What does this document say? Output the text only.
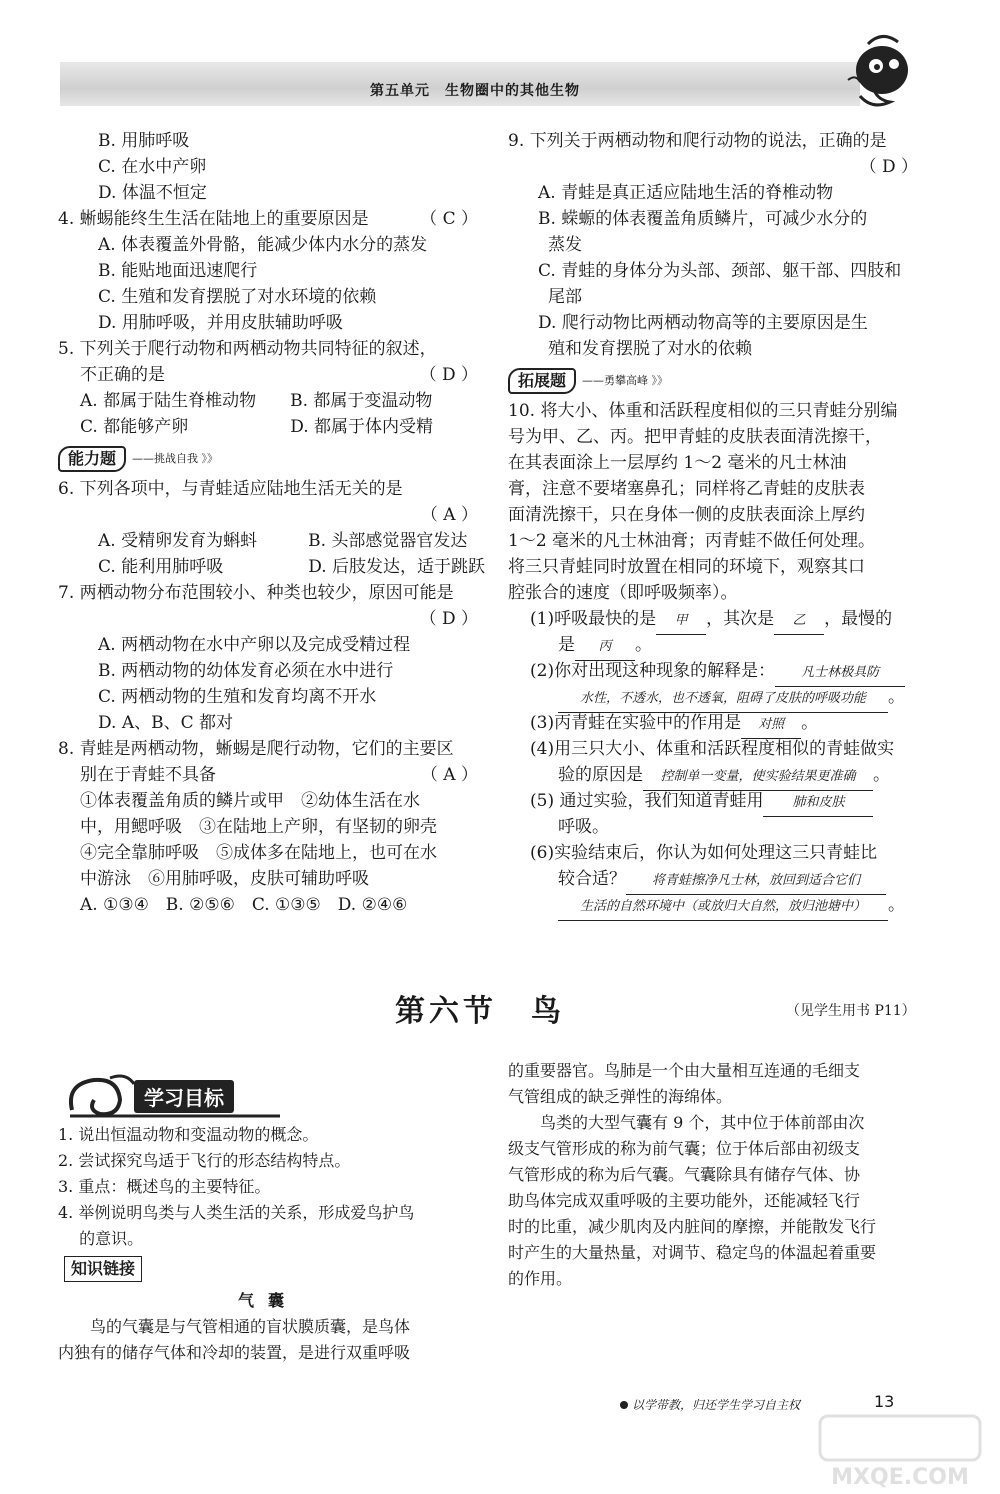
第五单元　生物圈中的其他生物
B. 用肺呼吸
C. 在水中产卵
D. 体温不恒定
4. 蜥蜴能终生生活在陆地上的重要原因是	（ C ）
A. 体表覆盖外骨骼，能减少体内水分的蒸发
B. 能贴地面迅速爬行
C. 生殖和发育摆脱了对水环境的依赖
D. 用肺呼吸，并用皮肤辅助呼吸
5. 下列关于爬行动物和两栖动物共同特征的叙述，
不正确的是	（ D ）
A. 都属于陆生脊椎动物　　B. 都属于变温动物
C. 都能够产卵　　　　　　D. 都属于体内受精
能力题	——挑战自我 》》
6. 下列各项中，与青蛙适应陆地生活无关的是
（ A ）
A. 受精卵发育为蝌蚪　　　B. 头部感觉器官发达
C. 能利用肺呼吸　　　　　D. 后肢发达，适于跳跃
7. 两栖动物分布范围较小、种类也较少，原因可能是
（ D ）
A. 两栖动物在水中产卵以及完成受精过程
B. 两栖动物的幼体发育必须在水中进行
C. 两栖动物的生殖和发育均离不开水
D. A、B、C 都对
8. 青蛙是两栖动物，蜥蜴是爬行动物，它们的主要区
别在于青蛙不具备	（ A ）
①体表覆盖角质的鳞片或甲　②幼体生活在水
中，用鳃呼吸　③在陆地上产卵，有坚韧的卵壳
④完全靠肺呼吸　⑤成体多在陆地上，也可在水
中游泳　⑥用肺呼吸，皮肤可辅助呼吸
A. ①③④　B. ②⑤⑥　C. ①③⑤　D. ②④⑥
9. 下列关于两栖动物和爬行动物的说法，正确的是
（ D ）
A. 青蛙是真正适应陆地生活的脊椎动物
B. 蝾螈的体表覆盖角质鳞片，可减少水分的
蒸发
C. 青蛙的身体分为头部、颈部、躯干部、四肢和
尾部
D. 爬行动物比两栖动物高等的主要原因是生
殖和发育摆脱了对水的依赖
拓展题	——勇攀高峰 》》
10. 将大小、体重和活跃程度相似的三只青蛙分别编
号为甲、乙、丙。把甲青蛙的皮肤表面清洗擦干，
在其表面涂上一层厚约 1～2 毫米的凡士林油
膏，注意不要堵塞鼻孔；同样将乙青蛙的皮肤表
面清洗擦干，只在身体一侧的皮肤表面涂上厚约
1～2 毫米的凡士林油膏；丙青蛙不做任何处理。
将三只青蛙同时放置在相同的环境下，观察其口
腔张合的速度（即呼吸频率）。
(1)呼吸最快的是 甲 ，其次是 乙 ，最慢的
是 丙 。
(2)你对出现这种现象的解释是： 凡士林极具防
水性，不透水，也不透氧，阻碍了皮肤的呼吸功能 。
(3)丙青蛙在实验中的作用是 对照 。
(4)用三只大小、体重和活跃程度相似的青蛙做实
验的原因是 控制单一变量，使实验结果更准确 。
(5) 通过实验，我们知道青蛙用 肺和皮肤
呼吸。
(6)实验结束后，你认为如何处理这三只青蛙比
较合适？ 将青蛙擦净凡士林，放回到适合它们
生活的自然环境中（或放归大自然，放归池塘中） 。
第六节　鸟	（见学生用书 P11）
学习目标
1. 说出恒温动物和变温动物的概念。
2. 尝试探究鸟适于飞行的形态结构特点。
3. 重点：概述鸟的主要特征。
4. 举例说明鸟类与人类生活的关系，形成爱鸟护鸟
　 的意识。
知识链接
气囊
　　鸟的气囊是与气管相通的盲状膜质囊，是鸟体
内独有的储存气体和冷却的装置，是进行双重呼吸
的重要器官。鸟肺是一个由大量相互连通的毛细支
气管组成的缺乏弹性的海绵体。
　　鸟类的大型气囊有 9 个，其中位于体前部由次
级支气管形成的称为前气囊；位于体后部由初级支
气管形成的称为后气囊。气囊除具有储存气体、协
助鸟体完成双重呼吸的主要功能外，还能减轻飞行
时的比重，减少肌肉及内脏间的摩擦，并能散发飞行
时产生的大量热量，对调节、稳定鸟的体温起着重要
的作用。
以学带教，归还学生学习自主权	13
MXQE.COM
